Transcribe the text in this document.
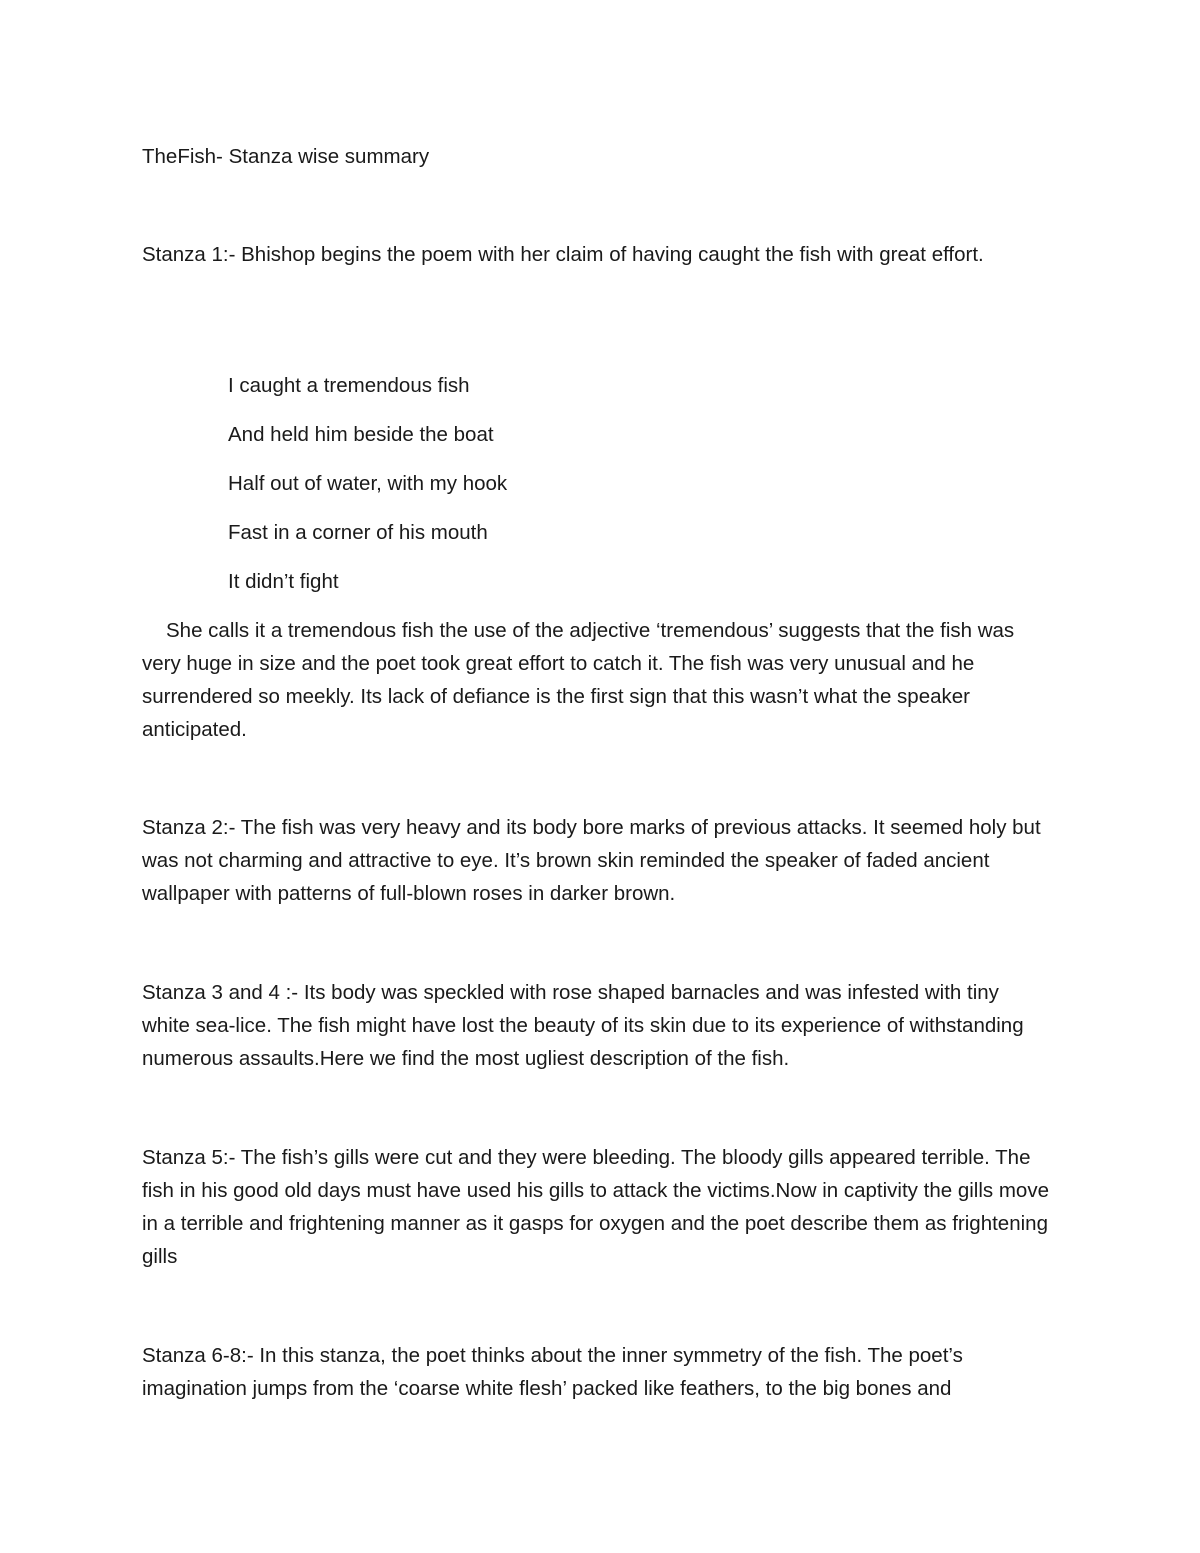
TheFish- Stanza wise summary

Stanza 1:- Bhishop begins the poem with her claim of having caught the fish with great effort.

I caught a tremendous fish

And held him beside the boat

Half out of water, with my hook

Fast in a corner of his mouth

It didn’t fight

She calls it a tremendous fish the use of the adjective ‘tremendous’ suggests that the fish was very huge in size and the poet took great effort to catch it. The fish was very unusual and he surrendered so meekly. Its lack of defiance is the first sign that this wasn’t what the speaker anticipated.

Stanza 2:- The fish was very heavy and its body bore marks of previous attacks. It seemed holy but was not charming and attractive to eye. It’s brown skin reminded the speaker of faded ancient wallpaper with patterns of full-blown roses in darker brown.

Stanza 3 and 4 :- Its body was speckled with rose shaped barnacles and was infested with tiny white sea-lice. The fish might have lost the beauty of its skin due to its experience of withstanding numerous assaults.Here we find the most ugliest description of the fish.

Stanza 5:- The fish’s gills were cut and they were bleeding. The bloody gills appeared terrible. The fish in his good old days must have used his gills to attack the victims.Now in captivity the gills move in a terrible and frightening manner as it gasps for oxygen and the poet describe them as frightening gills

Stanza 6-8:- In this stanza, the poet thinks about the inner symmetry of the fish. The poet’s imagination jumps from the ‘coarse white flesh’ packed like feathers, to the big bones and
